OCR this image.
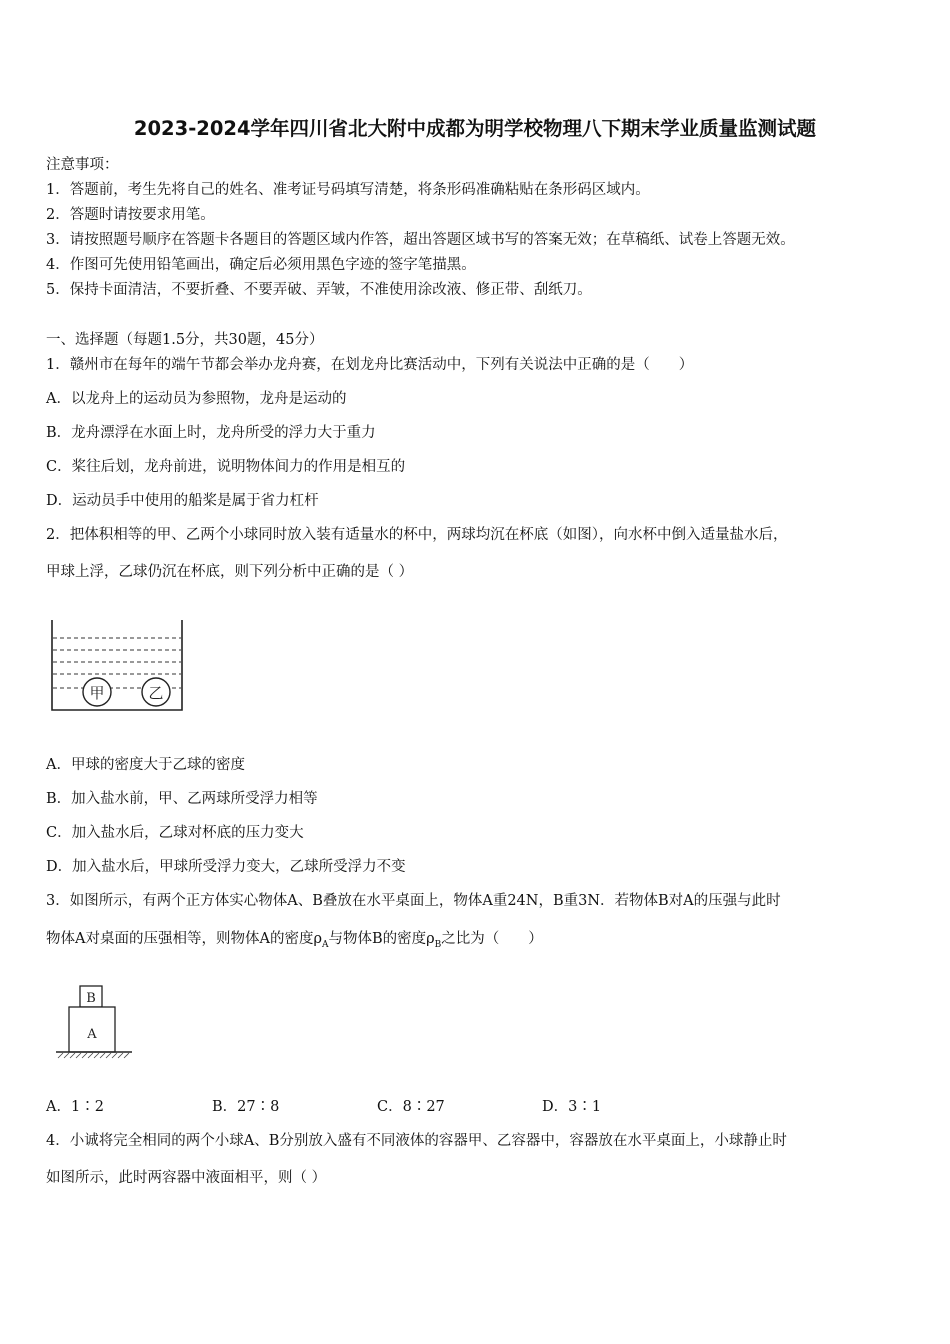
2023-2024学年四川省北大附中成都为明学校物理八下期末学业质量监测试题
注意事项：
1．答题前，考生先将自己的姓名、准考证号码填写清楚，将条形码准确粘贴在条形码区域内。
2．答题时请按要求用笔。
3．请按照题号顺序在答题卡各题目的答题区域内作答，超出答题区域书写的答案无效；在草稿纸、试卷上答题无效。
4．作图可先使用铅笔画出，确定后必须用黑色字迹的签字笔描黑。
5．保持卡面清洁，不要折叠、不要弄破、弄皱，不准使用涂改液、修正带、刮纸刀。
一、选择题（每题1.5分，共30题，45分）
1．赣州市在每年的端午节都会举办龙舟赛，在划龙舟比赛活动中，下列有关说法中正确的是（　　）
A．以龙舟上的运动员为参照物，龙舟是运动的
B．龙舟漂浮在水面上时，龙舟所受的浮力大于重力
C．桨往后划，龙舟前进，说明物体间力的作用是相互的
D．运动员手中使用的船桨是属于省力杠杆
2．把体积相等的甲、乙两个小球同时放入装有适量水的杯中，两球均沉在杯底（如图），向水杯中倒入适量盐水后，
甲球上浮，乙球仍沉在杯底，则下列分析中正确的是（ ）
甲	乙
A．甲球的密度大于乙球的密度
B．加入盐水前，甲、乙两球所受浮力相等
C．加入盐水后，乙球对杯底的压力变大
D．加入盐水后，甲球所受浮力变大，乙球所受浮力不变
3．如图所示，有两个正方体实心物体A、B叠放在水平桌面上，物体A重24N，B重3N．若物体B对A的压强与此时
物体A对桌面的压强相等，则物体A的密度$\rho_A$与物体B的密度$\rho_B$之比为（　　）
B
A
A．1∶2	B．27∶8	C．8∶27	D．3∶1
4．小诚将完全相同的两个小球A、B分别放入盛有不同液体的容器甲、乙容器中，容器放在水平桌面上，小球静止时
如图所示，此时两容器中液面相平，则（ ）
